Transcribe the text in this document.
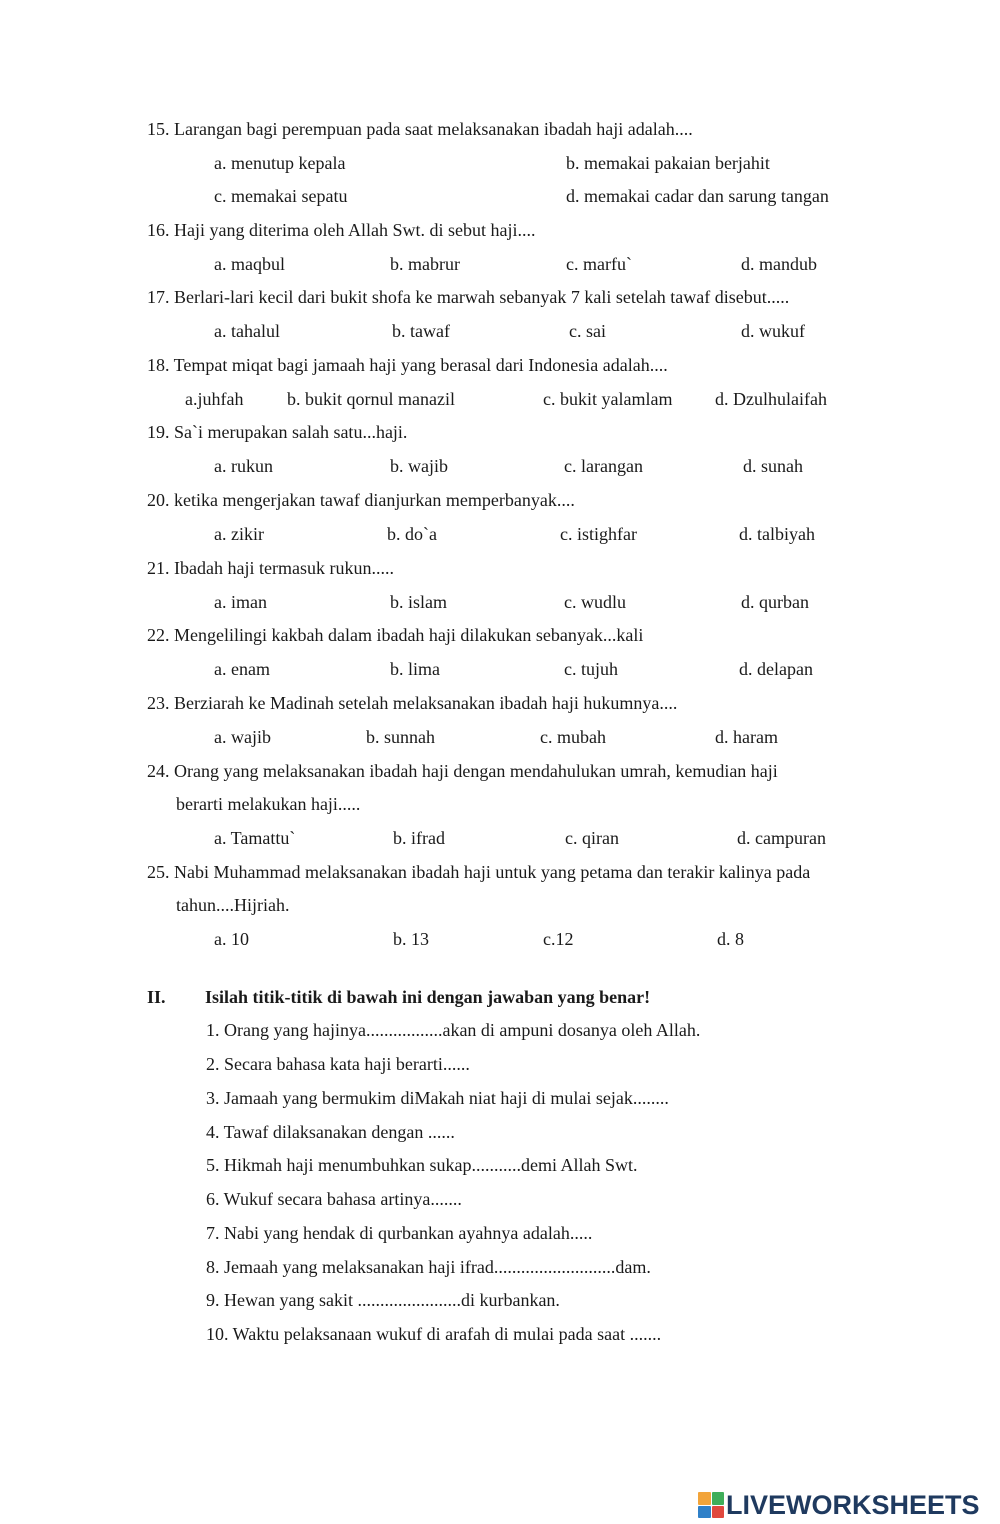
15. Larangan bagi perempuan pada saat melaksanakan ibadah haji adalah....
a. menutup kepala	b. memakai pakaian berjahit
c. memakai sepatu	d. memakai cadar dan sarung tangan
16. Haji yang diterima oleh Allah Swt. di sebut haji....
a. maqbul	b. mabrur	c. marfu`	d. mandub
17. Berlari-lari kecil dari bukit shofa ke marwah sebanyak 7 kali setelah tawaf disebut.....
a. tahalul	b. tawaf	c. sai	d. wukuf
18. Tempat miqat bagi jamaah haji yang berasal dari Indonesia adalah....
a.juhfah b. bukit qornul manazil	c. bukit yalamlam d. Dzulhulaifah
19. Sa`i merupakan salah satu...haji.
a. rukun	b. wajib	c. larangan	d. sunah
20. ketika mengerjakan tawaf dianjurkan memperbanyak....
a. zikir	b. do`a	c. istighfar	d. talbiyah
21. Ibadah haji termasuk rukun.....
a. iman	b. islam	c. wudlu	d. qurban
22. Mengelilingi kakbah dalam ibadah haji dilakukan sebanyak...kali
a. enam	b. lima	c. tujuh	d. delapan
23. Berziarah ke Madinah setelah melaksanakan ibadah haji hukumnya....
a. wajib	b. sunnah	c. mubah	d. haram
24. Orang yang melaksanakan ibadah haji dengan mendahulukan umrah, kemudian haji
berarti melakukan haji.....
a. Tamattu`	b. ifrad	c. qiran	d. campuran
25. Nabi Muhammad melaksanakan ibadah haji untuk yang petama dan terakir kalinya pada
tahun....Hijriah.
a. 10	b. 13	c.12	d. 8
II. Isilah titik-titik di bawah ini dengan jawaban yang benar!
1. Orang yang hajinya.................akan di ampuni dosanya oleh Allah.
2. Secara bahasa kata haji berarti......
3. Jamaah yang bermukim diMakah niat haji di mulai sejak........
4. Tawaf dilaksanakan dengan ......
5. Hikmah haji menumbuhkan sukap...........demi Allah Swt.
6. Wukuf secara bahasa artinya.......
7. Nabi yang hendak di qurbankan ayahnya adalah.....
8. Jemaah yang melaksanakan haji ifrad...........................dam.
9. Hewan yang sakit .......................di kurbankan.
10. Waktu pelaksanaan wukuf di arafah di mulai pada saat .......
LIVEWORKSHEETS
